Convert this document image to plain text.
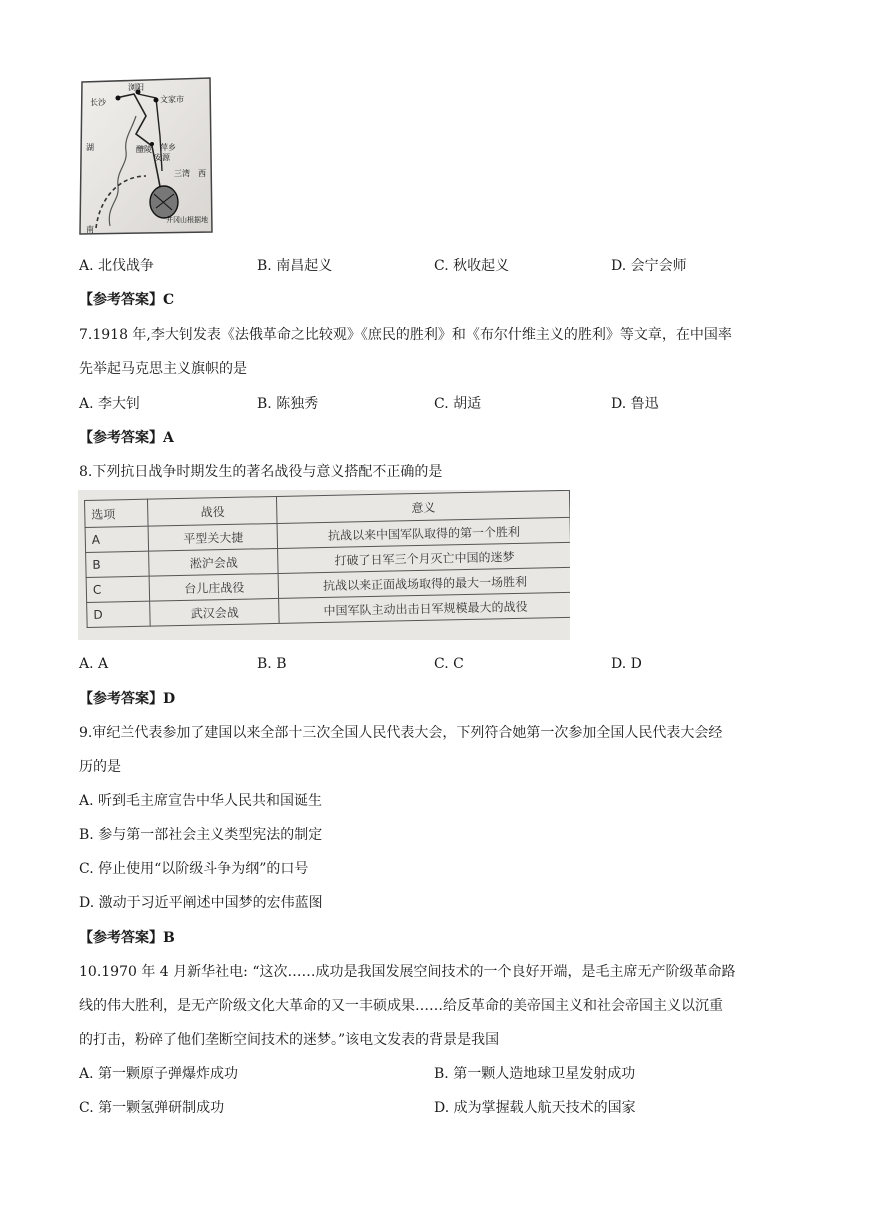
长沙
浏阳
文家市
醴陵 萍乡
安源
三湾
井冈山根据地
湖
南
西
A. 北伐战争	B. 南昌起义	C. 秋收起义	D. 会宁会师
【参考答案】C
7.1918 年,李大钊发表《法俄革命之比较观》《庶民的胜利》和《布尔什维主义的胜利》等文章，在中国率
先举起马克思主义旗帜的是
A. 李大钊	B. 陈独秀	C. 胡适	D. 鲁迅
【参考答案】A
8.下列抗日战争时期发生的著名战役与意义搭配不正确的是
选项	战役	意义
A	平型关大捷	抗战以来中国军队取得的第一个胜利
B	淞沪会战	打破了日军三个月灭亡中国的迷梦
C	台儿庄战役	抗战以来正面战场取得的最大一场胜利
D	武汉会战	中国军队主动出击日军规模最大的战役
A. A	B. B	C. C	D. D
【参考答案】D
9.审纪兰代表参加了建国以来全部十三次全国人民代表大会，下列符合她第一次参加全国人民代表大会经
历的是
A. 听到毛主席宣告中华人民共和国诞生
B. 参与第一部社会主义类型宪法的制定
C. 停止使用“以阶级斗争为纲”的口号
D. 激动于习近平阐述中国梦的宏伟蓝图
【参考答案】B
10.1970 年 4 月新华社电: “这次……成功是我国发展空间技术的一个良好开端，是毛主席无产阶级革命路
线的伟大胜利，是无产阶级文化大革命的又一丰硕成果……给反革命的美帝国主义和社会帝国主义以沉重
的打击，粉碎了他们垄断空间技术的迷梦。”该电文发表的背景是我国
A. 第一颗原子弹爆炸成功	B. 第一颗人造地球卫星发射成功
C. 第一颗氢弹研制成功	D. 成为掌握载人航天技术的国家
